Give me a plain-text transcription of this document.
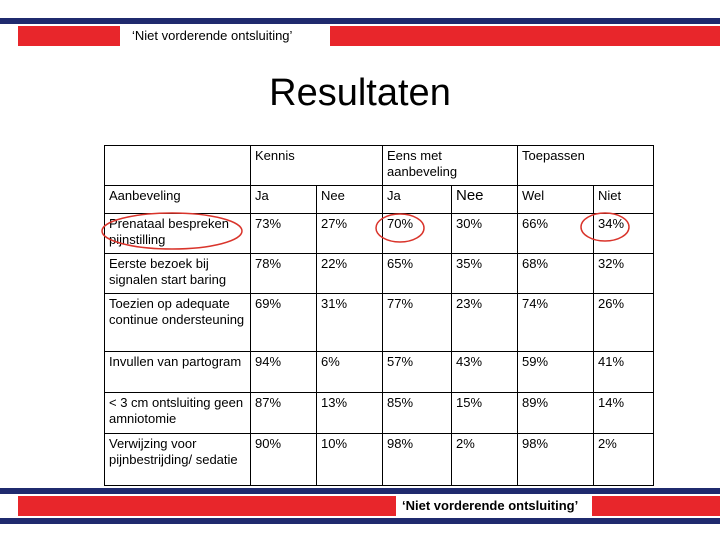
‘Niet vorderende ontsluiting’
Resultaten
	Kennis		Eens met aanbeveling		Toepassen	
Aanbeveling	Ja	Nee	Ja	Nee	Wel	Niet
Prenataal bespreken pijnstilling	73%	27%	70%	30%	66%	34%
Eerste bezoek bij signalen start baring	78%	22%	65%	35%	68%	32%
Toezien op adequate continue ondersteuning	69%	31%	77%	23%	74%	26%
Invullen van partogram	94%	6%	57%	43%	59%	41%
< 3 cm ontsluiting geen amniotomie	87%	13%	85%	15%	89%	14%
Verwijzing voor pijnbestrijding/ sedatie	90%	10%	98%	2%	98%	2%
‘Niet vorderende ontsluiting’
